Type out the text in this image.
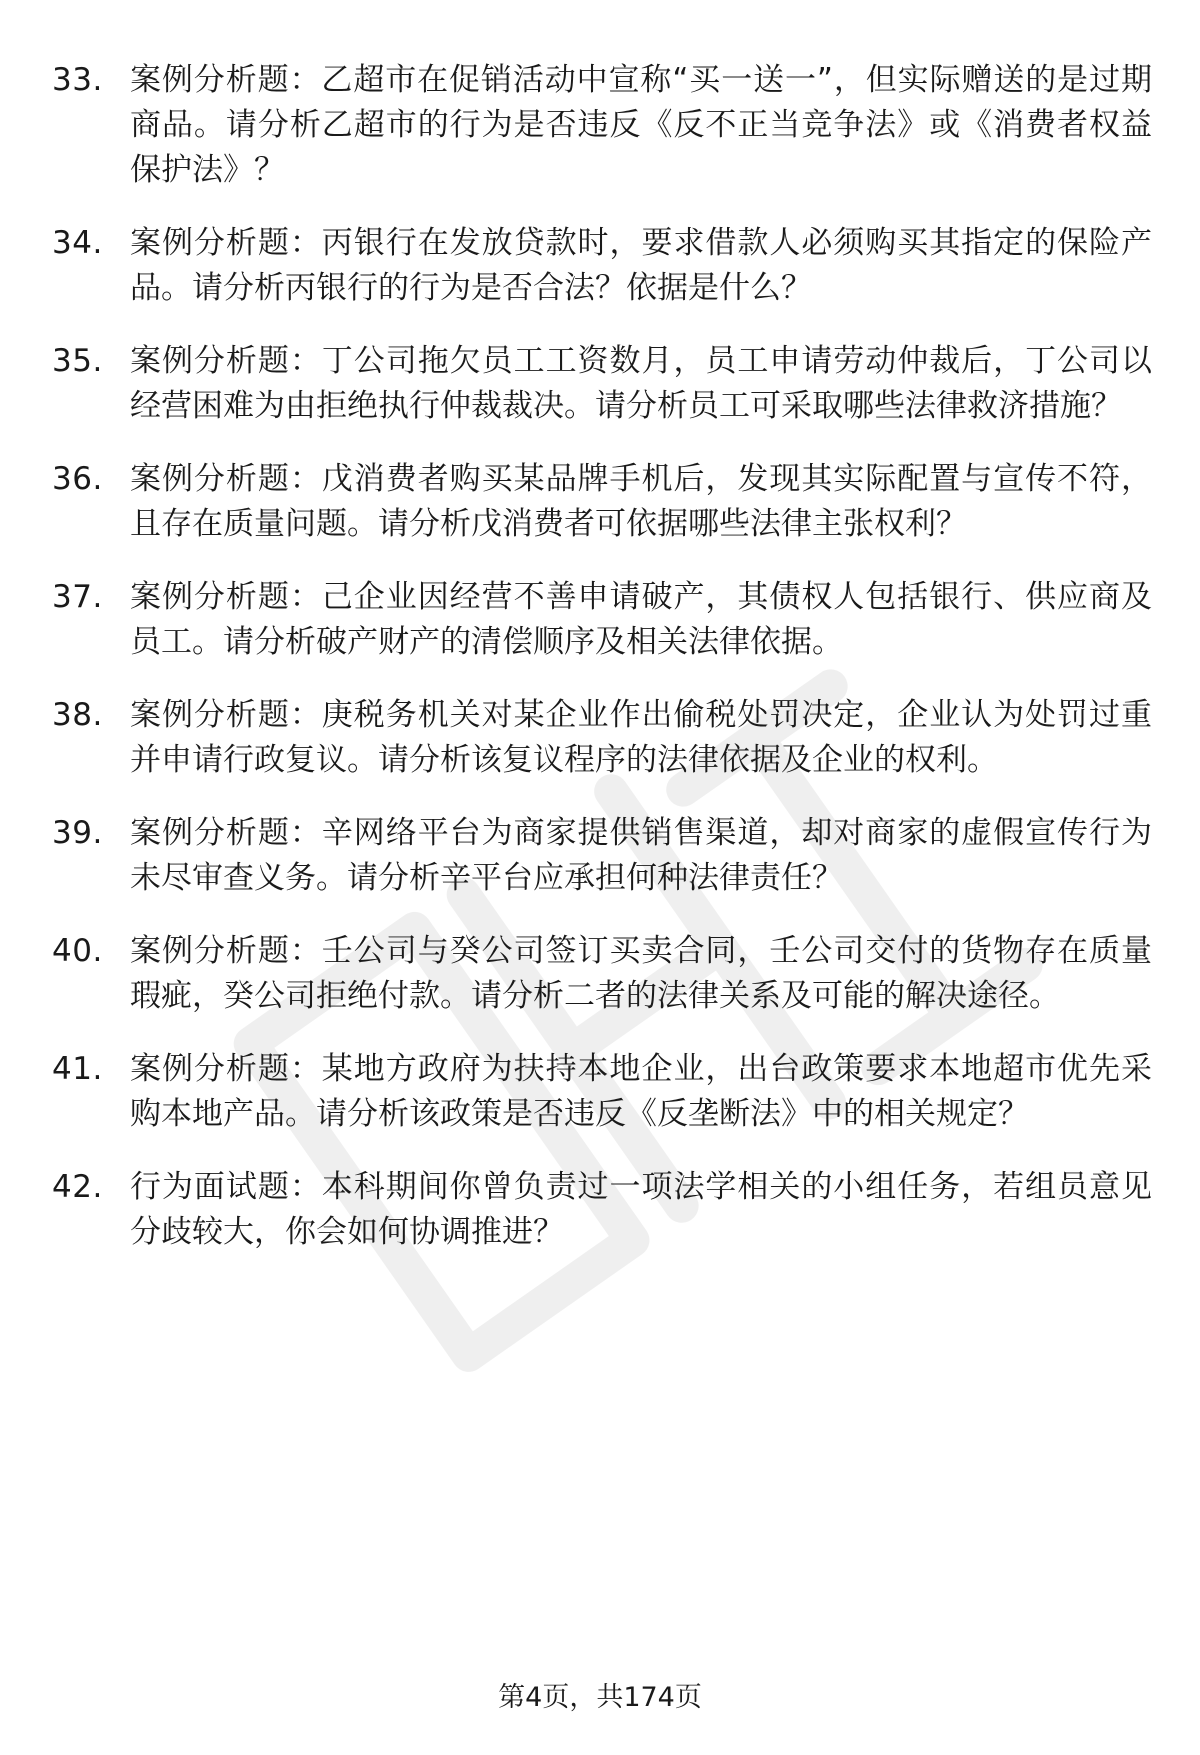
33. 案例分析题：乙超市在促销活动中宣称“买一送一”，但实际赠送的是过期商品。请分析乙超市的行为是否违反《反不正当竞争法》或《消费者权益保护法》？
34. 案例分析题：丙银行在发放贷款时，要求借款人必须购买其指定的保险产品。请分析丙银行的行为是否合法？依据是什么？
35. 案例分析题：丁公司拖欠员工工资数月，员工申请劳动仲裁后，丁公司以经营困难为由拒绝执行仲裁裁决。请分析员工可采取哪些法律救济措施？
36. 案例分析题：戊消费者购买某品牌手机后，发现其实际配置与宣传不符，且存在质量问题。请分析戊消费者可依据哪些法律主张权利？
37. 案例分析题：己企业因经营不善申请破产，其债权人包括银行、供应商及员工。请分析破产财产的清偿顺序及相关法律依据。
38. 案例分析题：庚税务机关对某企业作出偷税处罚决定，企业认为处罚过重并申请行政复议。请分析该复议程序的法律依据及企业的权利。
39. 案例分析题：辛网络平台为商家提供销售渠道，却对商家的虚假宣传行为未尽审查义务。请分析辛平台应承担何种法律责任？
40. 案例分析题：壬公司与癸公司签订买卖合同，壬公司交付的货物存在质量瑕疵，癸公司拒绝付款。请分析二者的法律关系及可能的解决途径。
41. 案例分析题：某地方政府为扶持本地企业，出台政策要求本地超市优先采购本地产品。请分析该政策是否违反《反垄断法》中的相关规定？
42. 行为面试题：本科期间你曾负责过一项法学相关的小组任务，若组员意见分歧较大，你会如何协调推进？
第4页，共174页
